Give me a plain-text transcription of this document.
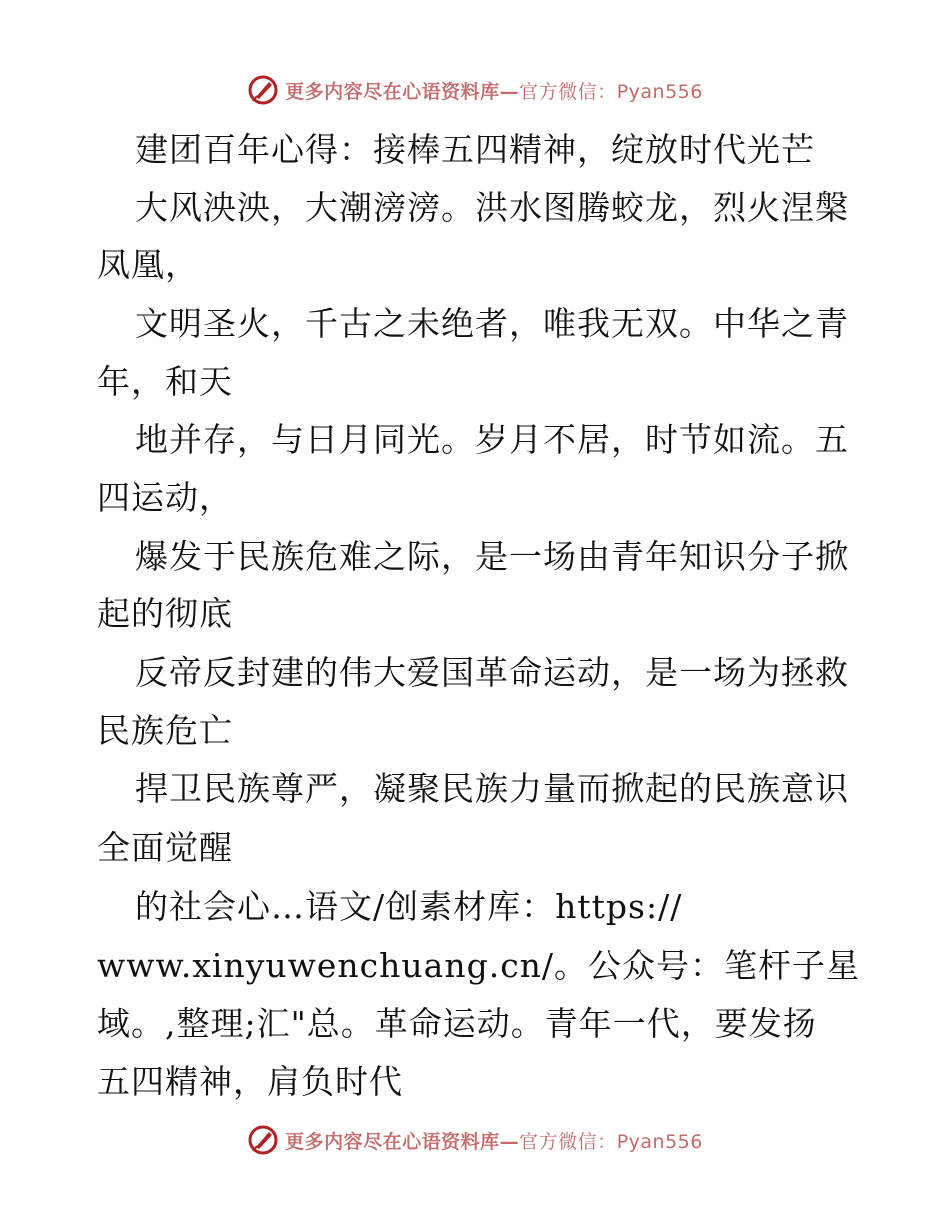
更多内容尽在心语资料库—官方微信：Pyan556
建团百年心得：接棒五四精神，绽放时代光芒
大风泱泱，大潮滂滂。洪水图腾蛟龙，烈火涅槃
凤凰，
文明圣火，千古之未绝者，唯我无双。中华之青
年，和天
地并存，与日月同光。岁月不居，时节如流。五
四运动，
爆发于民族危难之际，是一场由青年知识分子掀
起的彻底
反帝反封建的伟大爱国革命运动，是一场为拯救
民族危亡
捍卫民族尊严，凝聚民族力量而掀起的民族意识
全面觉醒
的社会心…语文/创素材库：https://
www.xinyuwenchuang.cn/。公众号：笔杆子星
域。,整理;汇"总。革命运动。青年一代，要发扬
五四精神，肩负时代
更多内容尽在心语资料库—官方微信：Pyan556
